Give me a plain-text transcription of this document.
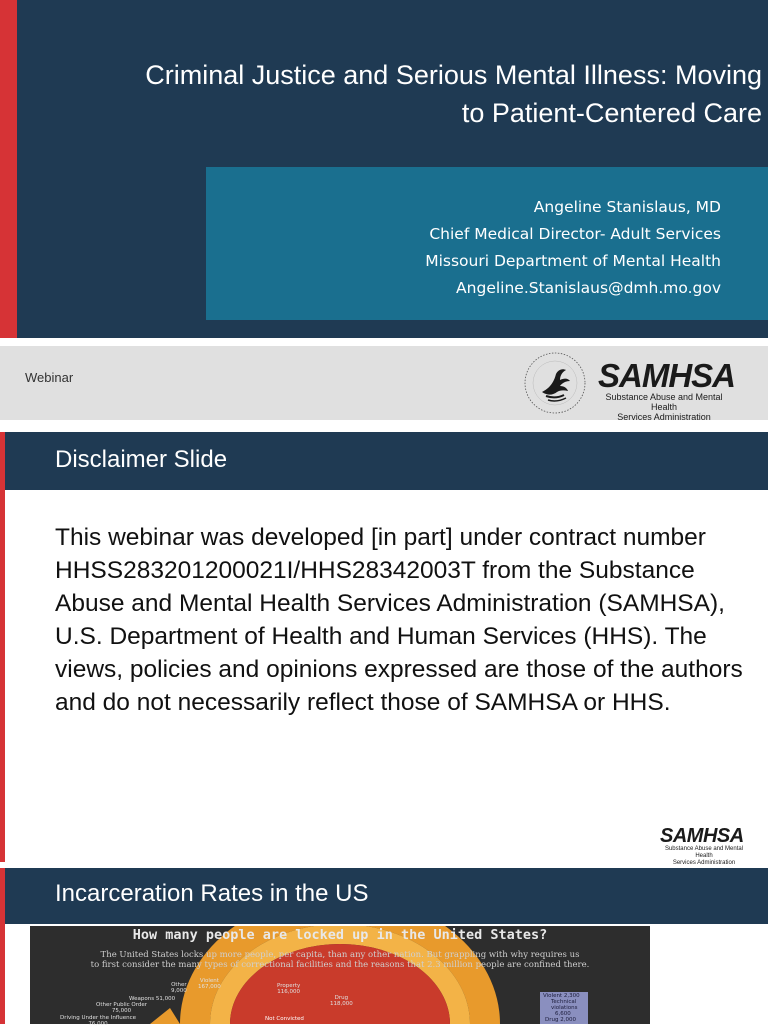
Criminal Justice and Serious Mental Illness: Moving
to Patient-Centered Care
Angeline Stanislaus, MD
Chief Medical Director- Adult Services
Missouri Department of Mental Health
Angeline.Stanislaus@dmh.mo.gov
Webinar	SAMHSA
Substance Abuse and Mental Health
Services Administration
Disclaimer Slide
This webinar was developed [in part] under contract number HHSS283201200021I/HHS28342003T from the Substance Abuse and Mental Health Services Administration (SAMHSA), U.S. Department of Health and Human Services (HHS). The views, policies and opinions expressed are those of the authors and do not necessarily reflect those of SAMHSA or HHS.
SAMHSA
Substance Abuse and Mental Health
Services Administration
Incarceration Rates in the US
How many people are locked up in the United States?
The United States locks up more people, per capita, than any other nation. But grappling with why requires us
to first consider the many types of correctional facilities and the reasons that 2.3 million people are confined there.
Other
9,000
Violent
167,000	Property
116,000
Drug
118,000
Weapons 51,000
Other Public Order
75,000
Driving Under the Influence
76,000
Not Convicted
Violent 2,300
Technical
violations
6,600
Drug 2,000
